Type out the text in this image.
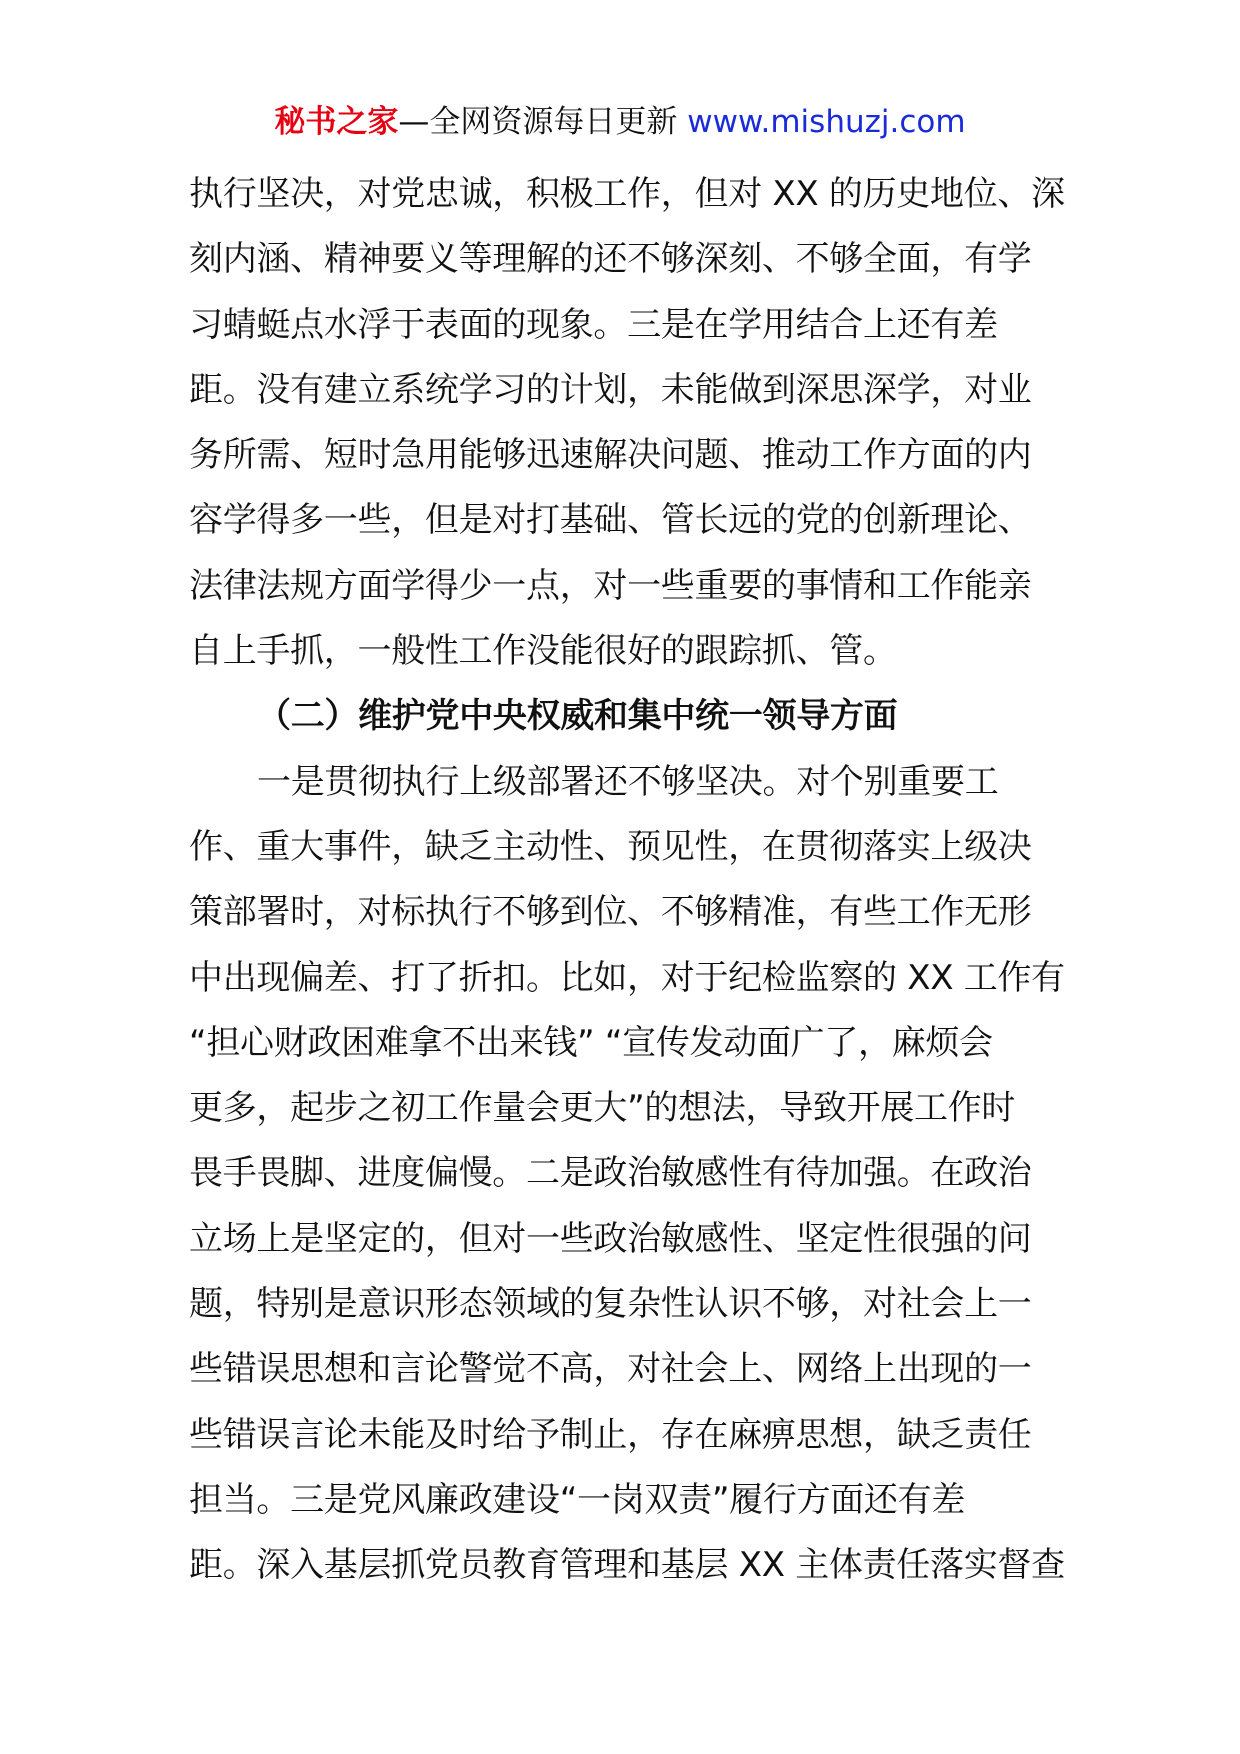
秘书之家—全网资源每日更新 www.mishuzj.com
执行坚决，对党忠诚，积极工作，但对 XX 的历史地位、深
刻内涵、精神要义等理解的还不够深刻、不够全面，有学
习蜻蜓点水浮于表面的现象。三是在学用结合上还有差
距。没有建立系统学习的计划，未能做到深思深学，对业
务所需、短时急用能够迅速解决问题、推动工作方面的内
容学得多一些，但是对打基础、管长远的党的创新理论、
法律法规方面学得少一点，对一些重要的事情和工作能亲
自上手抓，一般性工作没能很好的跟踪抓、管。
（二）维护党中央权威和集中统一领导方面
一是贯彻执行上级部署还不够坚决。对个别重要工
作、重大事件，缺乏主动性、预见性，在贯彻落实上级决
策部署时，对标执行不够到位、不够精准，有些工作无形
中出现偏差、打了折扣。比如，对于纪检监察的 XX 工作有
“担心财政困难拿不出来钱” “宣传发动面广了，麻烦会
更多，起步之初工作量会更大”的想法，导致开展工作时
畏手畏脚、进度偏慢。二是政治敏感性有待加强。在政治
立场上是坚定的，但对一些政治敏感性、坚定性很强的问
题，特别是意识形态领域的复杂性认识不够，对社会上一
些错误思想和言论警觉不高，对社会上、网络上出现的一
些错误言论未能及时给予制止，存在麻痹思想，缺乏责任
担当。三是党风廉政建设“一岗双责”履行方面还有差
距。深入基层抓党员教育管理和基层 XX 主体责任落实督查
